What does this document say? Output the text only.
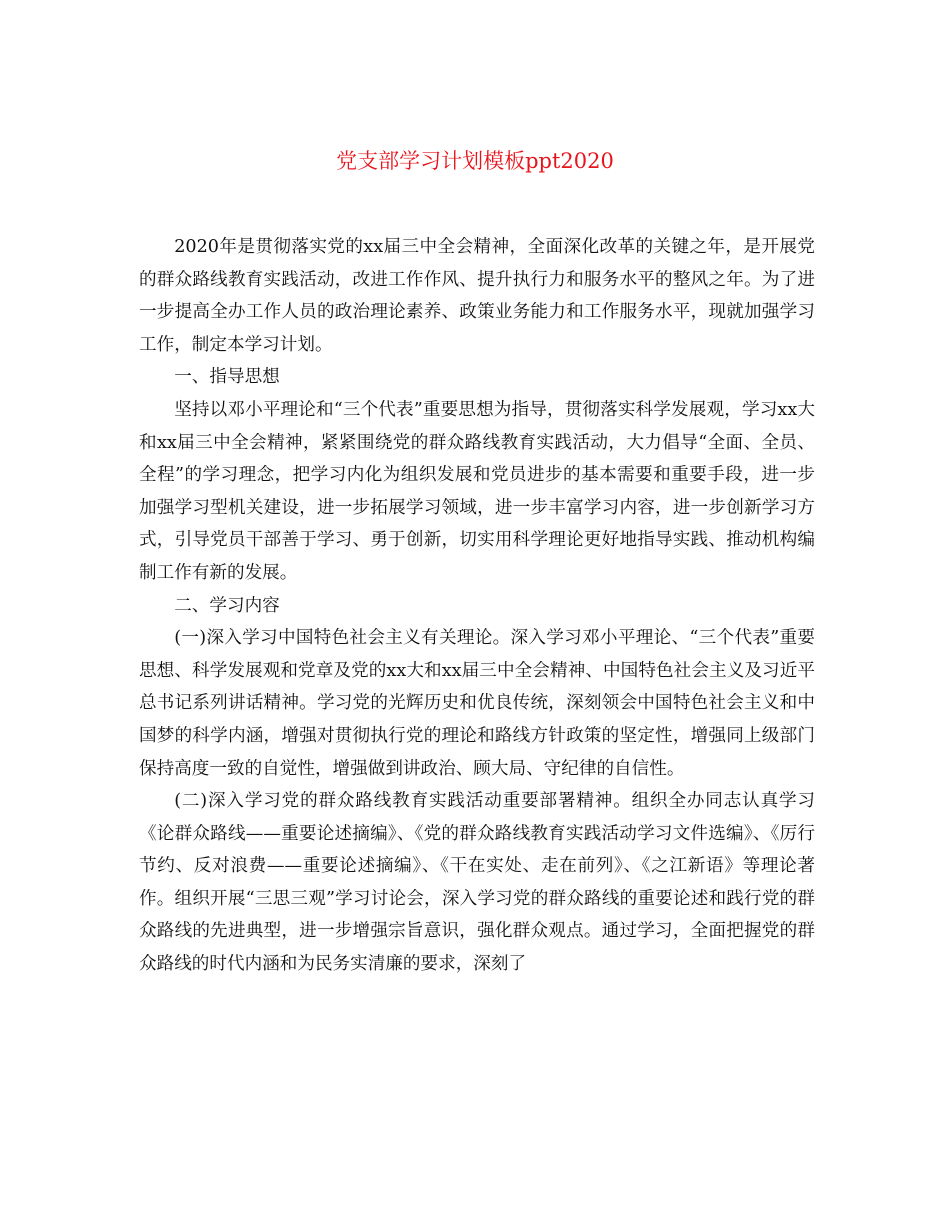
党支部学习计划模板ppt2020

2020年是贯彻落实党的xx届三中全会精神，全面深化改革的关键之年，是开展党的群众路线教育实践活动，改进工作作风、提升执行力和服务水平的整风之年。为了进一步提高全办工作人员的政治理论素养、政策业务能力和工作服务水平，现就加强学习工作，制定本学习计划。

一、指导思想

坚持以邓小平理论和“三个代表”重要思想为指导，贯彻落实科学发展观，学习xx大和xx届三中全会精神，紧紧围绕党的群众路线教育实践活动，大力倡导“全面、全员、全程”的学习理念，把学习内化为组织发展和党员进步的基本需要和重要手段，进一步加强学习型机关建设，进一步拓展学习领域，进一步丰富学习内容，进一步创新学习方式，引导党员干部善于学习、勇于创新，切实用科学理论更好地指导实践、推动机构编制工作有新的发展。

二、学习内容

(一)深入学习中国特色社会主义有关理论。深入学习邓小平理论、“三个代表”重要思想、科学发展观和党章及党的xx大和xx届三中全会精神、中国特色社会主义及习近平总书记系列讲话精神。学习党的光辉历史和优良传统，深刻领会中国特色社会主义和中国梦的科学内涵，增强对贯彻执行党的理论和路线方针政策的坚定性，增强同上级部门保持高度一致的自觉性，增强做到讲政治、顾大局、守纪律的自信性。

(二)深入学习党的群众路线教育实践活动重要部署精神。组织全办同志认真学习《论群众路线——重要论述摘编》、《党的群众路线教育实践活动学习文件选编》、《厉行节约、反对浪费——重要论述摘编》、《干在实处、走在前列》、《之江新语》等理论著作。组织开展“三思三观”学习讨论会，深入学习党的群众路线的重要论述和践行党的群众路线的先进典型，进一步增强宗旨意识，强化群众观点。通过学习，全面把握党的群众路线的时代内涵和为民务实清廉的要求，深刻了
